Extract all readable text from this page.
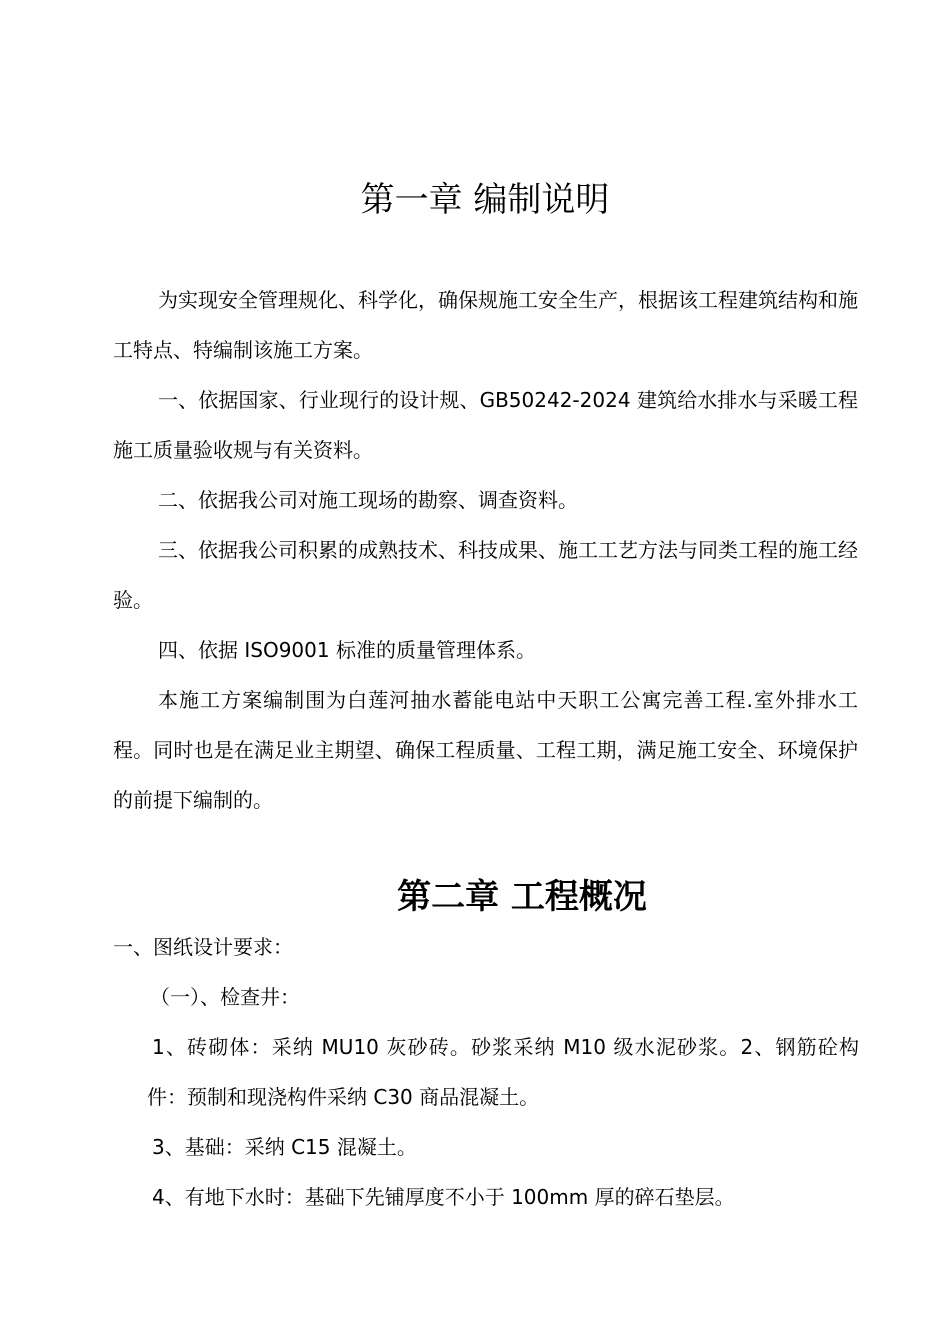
第一章 编制说明

为实现安全管理规化、科学化，确保规施工安全生产，根据该工程建筑结构和施工特点、特编制该施工方案。

一、依据国家、行业现行的设计规、GB50242-2024 建筑给水排水与采暖工程施工质量验收规与有关资料。

二、依据我公司对施工现场的勘察、调查资料。

三、依据我公司积累的成熟技术、科技成果、施工工艺方法与同类工程的施工经验。

四、依据 ISO9001 标准的质量管理体系。

本施工方案编制围为白莲河抽水蓄能电站中天职工公寓完善工程.室外排水工程。同时也是在满足业主期望、确保工程质量、工程工期，满足施工安全、环境保护的前提下编制的。

第二章 工程概况

一、图纸设计要求：

（一）、检查井：

1、砖砌体：采纳 MU10 灰砂砖。砂浆采纳 M10 级水泥砂浆。2、钢筋砼构件：预制和现浇构件采纳 C30 商品混凝土。

3、基础：采纳 C15 混凝土。

4、有地下水时：基础下先铺厚度不小于 100mm 厚的碎石垫层。
